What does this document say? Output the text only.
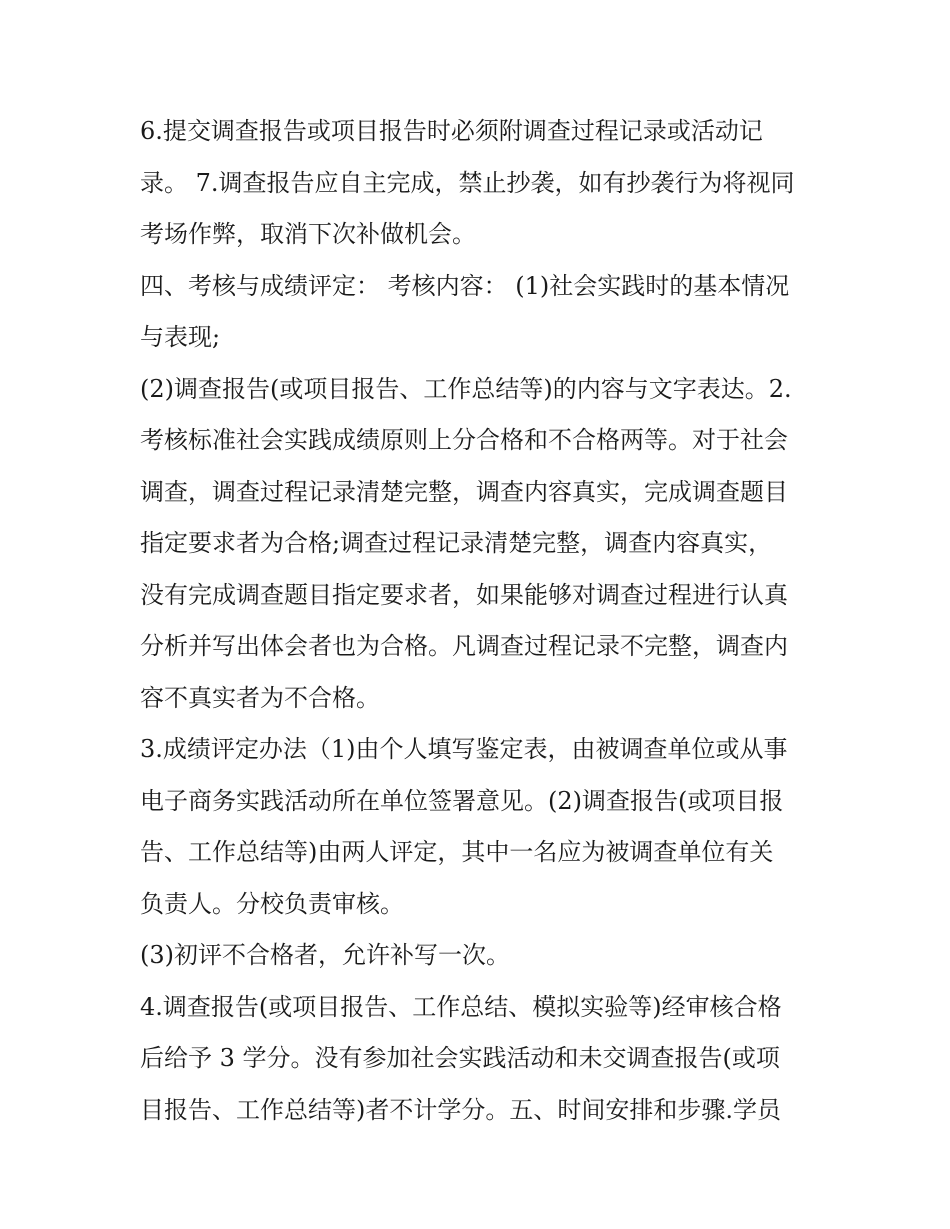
6.提交调查报告或项目报告时必须附调查过程记录或活动记
录。 7.调查报告应自主完成，禁止抄袭，如有抄袭行为将视同
考场作弊，取消下次补做机会。
四、考核与成绩评定： 考核内容： (1)社会实践时的基本情况
与表现;
(2)调查报告(或项目报告、工作总结等)的内容与文字表达。2.
考核标准社会实践成绩原则上分合格和不合格两等。对于社会
调查，调查过程记录清楚完整，调查内容真实，完成调查题目
指定要求者为合格;调查过程记录清楚完整，调查内容真实，
没有完成调查题目指定要求者，如果能够对调查过程进行认真
分析并写出体会者也为合格。凡调查过程记录不完整，调查内
容不真实者为不合格。
3.成绩评定办法（1)由个人填写鉴定表，由被调查单位或从事
电子商务实践活动所在单位签署意见。(2)调查报告(或项目报
告、工作总结等)由两人评定，其中一名应为被调查单位有关
负责人。分校负责审核。
(3)初评不合格者，允许补写一次。
4.调查报告(或项目报告、工作总结、模拟实验等)经审核合格
后给予 3 学分。没有参加社会实践活动和未交调查报告(或项
目报告、工作总结等)者不计学分。五、时间安排和步骤.学员
